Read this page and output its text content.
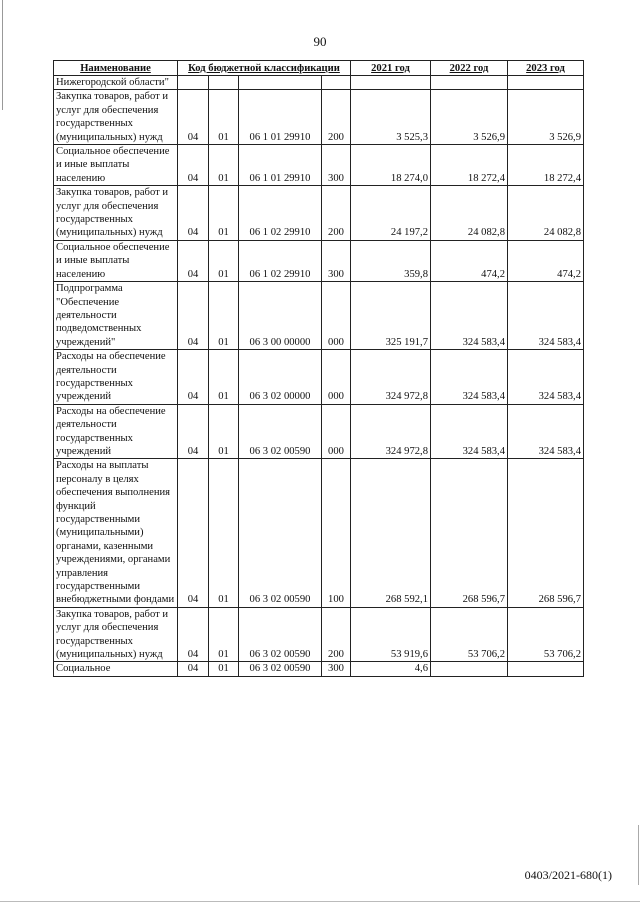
90
Наименование	Код бюджетной классификации				2021 год	2022 год	2023 год
Нижегородской области"							
Закупка товаров, работ и услуг для обеспечения государственных (муниципальных) нужд	04	01	06 1 01 29910	200	3 525,3	3 526,9	3 526,9
Социальное обеспечение и иные выплаты населению	04	01	06 1 01 29910	300	18 274,0	18 272,4	18 272,4
Закупка товаров, работ и услуг для обеспечения государственных (муниципальных) нужд	04	01	06 1 02 29910	200	24 197,2	24 082,8	24 082,8
Социальное обеспечение и иные выплаты населению	04	01	06 1 02 29910	300	359,8	474,2	474,2
Подпрограмма "Обеспечение деятельности подведомственных учреждений"	04	01	06 3 00 00000	000	325 191,7	324 583,4	324 583,4
Расходы на обеспечение деятельности государственных учреждений	04	01	06 3 02 00000	000	324 972,8	324 583,4	324 583,4
Расходы на обеспечение деятельности государственных учреждений	04	01	06 3 02 00590	000	324 972,8	324 583,4	324 583,4
Расходы на выплаты персоналу в целях обеспечения выполнения функций государственными (муниципальными) органами, казенными учреждениями, органами управления государственными внебюджетными фондами	04	01	06 3 02 00590	100	268 592,1	268 596,7	268 596,7
Закупка товаров, работ и услуг для обеспечения государственных (муниципальных) нужд	04	01	06 3 02 00590	200	53 919,6	53 706,2	53 706,2
Социальное	04	01	06 3 02 00590	300	4,6		
0403/2021-680(1)
